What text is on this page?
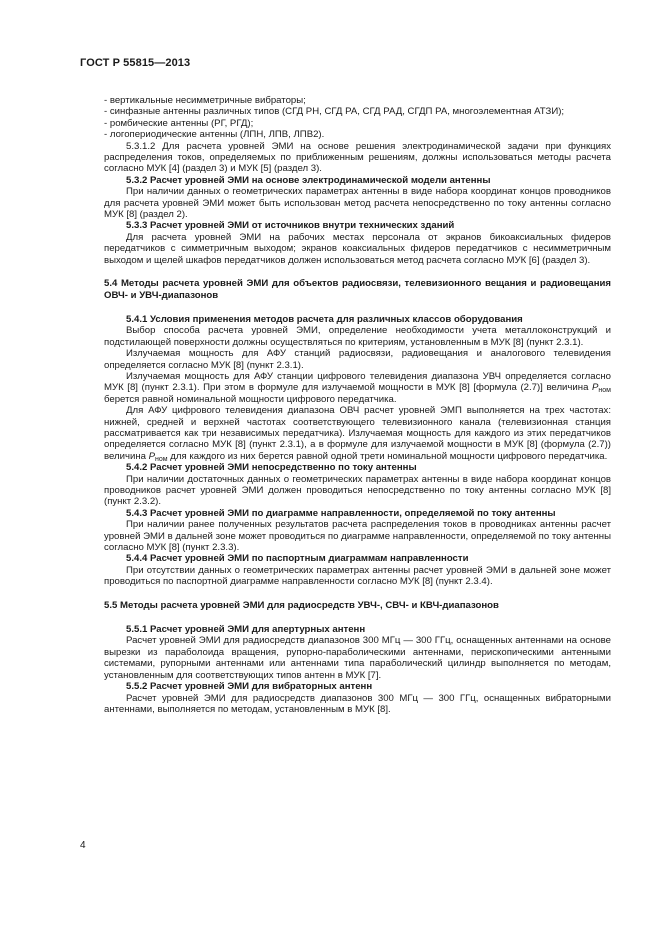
ГОСТ Р 55815—2013

- вертикальные несимметричные вибраторы;

- синфазные антенны различных типов (СГД РН, СГД РА, СГД РАД, СГДП РА, многоэлементная АТЗИ);

- ромбические антенны (РГ, РГД);

- логопериодические антенны (ЛПН, ЛПВ, ЛПВ2).

5.3.1.2 Для расчета уровней ЭМИ на основе решения электродинамической задачи при функциях распределения токов, определяемых по приближенным решениям, должны использоваться методы расчета согласно МУК [4] (раздел 3) и МУК [5] (раздел 3).

5.3.2 Расчет уровней ЭМИ на основе электродинамической модели антенны

При наличии данных о геометрических параметрах антенны в виде набора координат концов проводников для расчета уровней ЭМИ может быть использован метод расчета непосредственно по току антенны согласно МУК [8] (раздел 2).

5.3.3 Расчет уровней ЭМИ от источников внутри технических зданий

Для расчета уровней ЭМИ на рабочих местах персонала от экранов бикоаксиальных фидеров передатчиков с симметричным выходом; экранов коаксиальных фидеров передатчиков с несимметричным выходом и щелей шкафов передатчиков должен использоваться метод расчета согласно МУК [6] (раздел 3).

5.4 Методы расчета уровней ЭМИ для объектов радиосвязи, телевизионного вещания и радиовещания ОВЧ- и УВЧ-диапазонов

5.4.1 Условия применения методов расчета для различных классов оборудования

Выбор способа расчета уровней ЭМИ, определение необходимости учета металлоконструкций и подстилающей поверхности должны осуществляться по критериям, установленным в МУК [8] (пункт 2.3.1).

Излучаемая мощность для АФУ станций радиосвязи, радиовещания и аналогового телевидения определяется согласно МУК [8] (пункт 2.3.1).

Излучаемая мощность для АФУ станции цифрового телевидения диапазона УВЧ определяется согласно МУК [8] (пункт 2.3.1). При этом в формуле для излучаемой мощности в МУК [8] [формула (2.7)] величина $P_{ном}$ берется равной номинальной мощности цифрового передатчика.

Для АФУ цифрового телевидения диапазона ОВЧ расчет уровней ЭМП выполняется на трех частотах: нижней, средней и верхней частотах соответствующего телевизионного канала (телевизионная станция рассматривается как три независимых передатчика). Излучаемая мощность для каждого из этих передатчиков определяется согласно МУК [8] (пункт 2.3.1), а в формуле для излучаемой мощности в МУК [8] (формула (2.7)) величина $P_{ном}$ для каждого из них берется равной одной трети номинальной мощности цифрового передатчика.

5.4.2 Расчет уровней ЭМИ непосредственно по току антенны

При наличии достаточных данных о геометрических параметрах антенны в виде набора координат концов проводников расчет уровней ЭМИ должен проводиться непосредственно по току антенны согласно МУК [8] (пункт 2.3.2).

5.4.3 Расчет уровней ЭМИ по диаграмме направленности, определяемой по току антенны

При наличии ранее полученных результатов расчета распределения токов в проводниках антенны расчет уровней ЭМИ в дальней зоне может проводиться по диаграмме направленности, определяемой по току антенны согласно МУК [8] (пункт 2.3.3).

5.4.4 Расчет уровней ЭМИ по паспортным диаграммам направленности

При отсутствии данных о геометрических параметрах антенны расчет уровней ЭМИ в дальней зоне может проводиться по паспортной диаграмме направленности согласно МУК [8] (пункт 2.3.4).

5.5 Методы расчета уровней ЭМИ для радиосредств УВЧ-, СВЧ- и КВЧ-диапазонов

5.5.1 Расчет уровней ЭМИ для апертурных антенн

Расчет уровней ЭМИ для радиосредств диапазонов 300 МГц — 300 ГГц, оснащенных антеннами на основе вырезки из параболоида вращения, рупорно-параболическими антеннами, перископическими антенными системами, рупорными антеннами или антеннами типа параболический цилиндр выполняется по методам, установленным для соответствующих типов антенн в МУК [7].

5.5.2 Расчет уровней ЭМИ для вибраторных антенн

Расчет уровней ЭМИ для радиосредств диапазонов 300 МГц — 300 ГГц, оснащенных вибраторными антеннами, выполняется по методам, установленным в МУК [8].

4
